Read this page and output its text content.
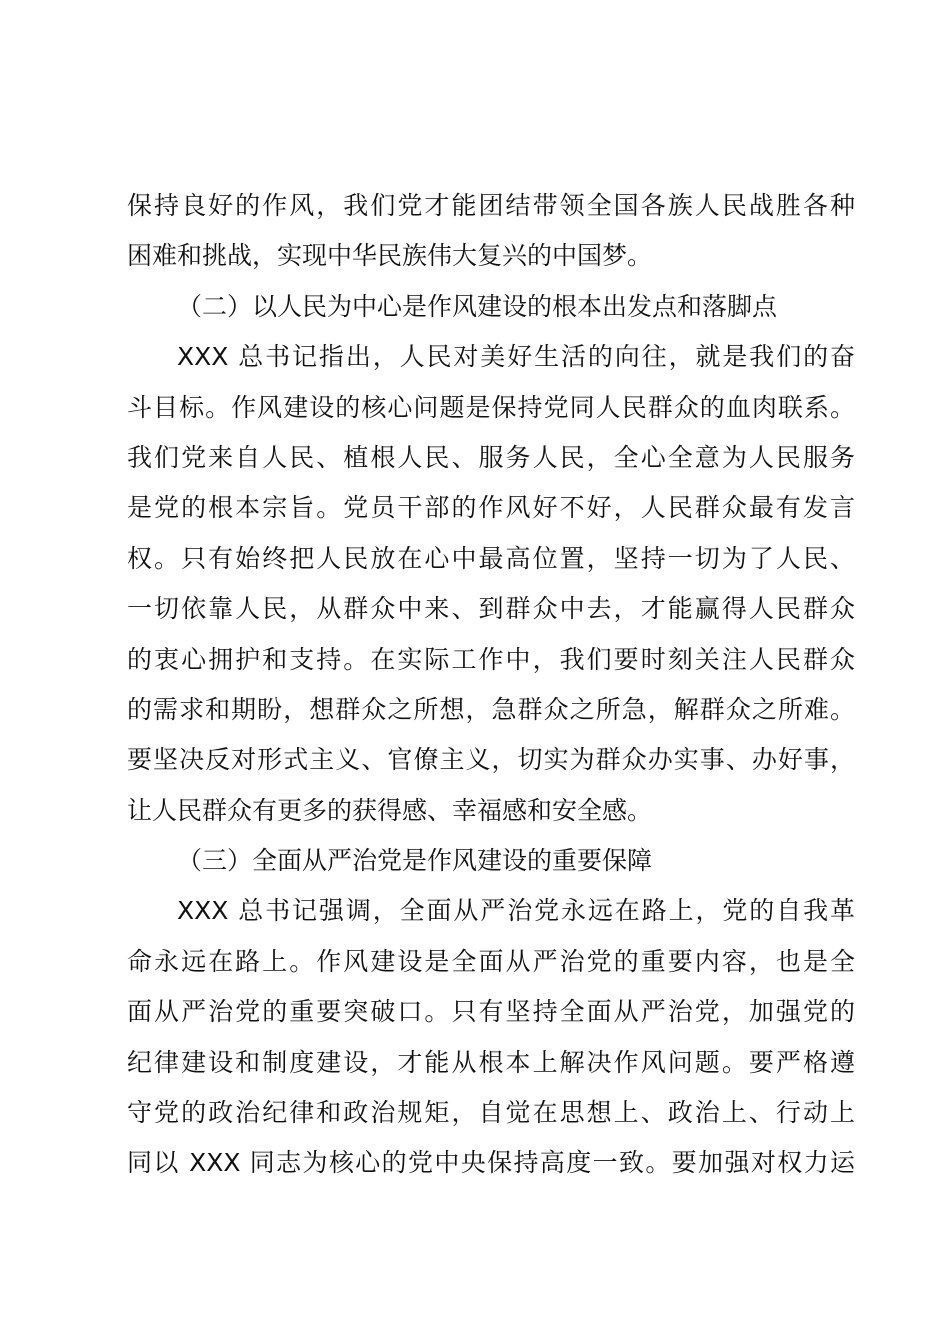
保持良好的作风，我们党才能团结带领全国各族人民战胜各种
困难和挑战，实现中华民族伟大复兴的中国梦。
（二）以人民为中心是作风建设的根本出发点和落脚点
XXX 总书记指出，人民对美好生活的向往，就是我们的奋
斗目标。作风建设的核心问题是保持党同人民群众的血肉联系。
我们党来自人民、植根人民、服务人民，全心全意为人民服务
是党的根本宗旨。党员干部的作风好不好，人民群众最有发言
权。只有始终把人民放在心中最高位置，坚持一切为了人民、
一切依靠人民，从群众中来、到群众中去，才能赢得人民群众
的衷心拥护和支持。在实际工作中，我们要时刻关注人民群众
的需求和期盼，想群众之所想，急群众之所急，解群众之所难。
要坚决反对形式主义、官僚主义，切实为群众办实事、办好事，
让人民群众有更多的获得感、幸福感和安全感。
（三）全面从严治党是作风建设的重要保障
XXX 总书记强调，全面从严治党永远在路上，党的自我革
命永远在路上。作风建设是全面从严治党的重要内容，也是全
面从严治党的重要突破口。只有坚持全面从严治党，加强党的
纪律建设和制度建设，才能从根本上解决作风问题。要严格遵
守党的政治纪律和政治规矩，自觉在思想上、政治上、行动上
同以 XXX 同志为核心的党中央保持高度一致。要加强对权力运
